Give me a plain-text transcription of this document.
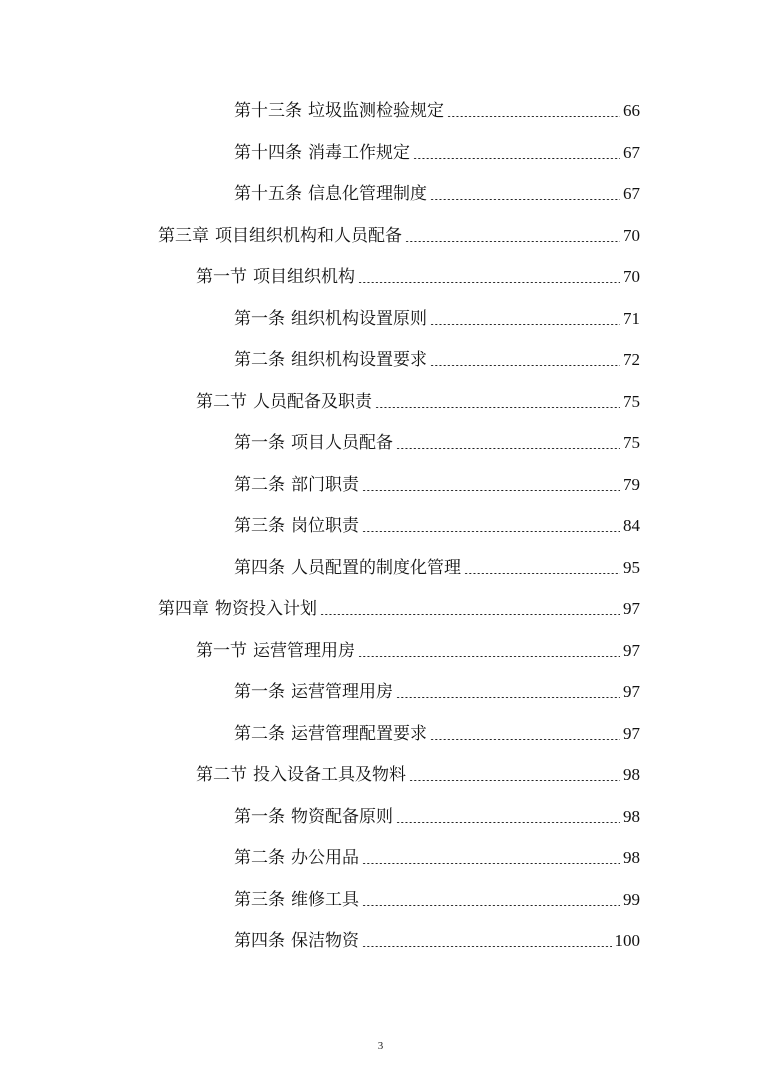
第十三条 垃圾监测检验规定	66
第十四条 消毒工作规定	67
第十五条 信息化管理制度	67
第三章 项目组织机构和人员配备	70
第一节 项目组织机构	70
第一条 组织机构设置原则	71
第二条 组织机构设置要求	72
第二节 人员配备及职责	75
第一条 项目人员配备	75
第二条 部门职责	79
第三条 岗位职责	84
第四条 人员配置的制度化管理	95
第四章 物资投入计划	97
第一节 运营管理用房	97
第一条 运营管理用房	97
第二条 运营管理配置要求	97
第二节 投入设备工具及物料	98
第一条 物资配备原则	98
第二条 办公用品	98
第三条 维修工具	99
第四条 保洁物资	100
3
